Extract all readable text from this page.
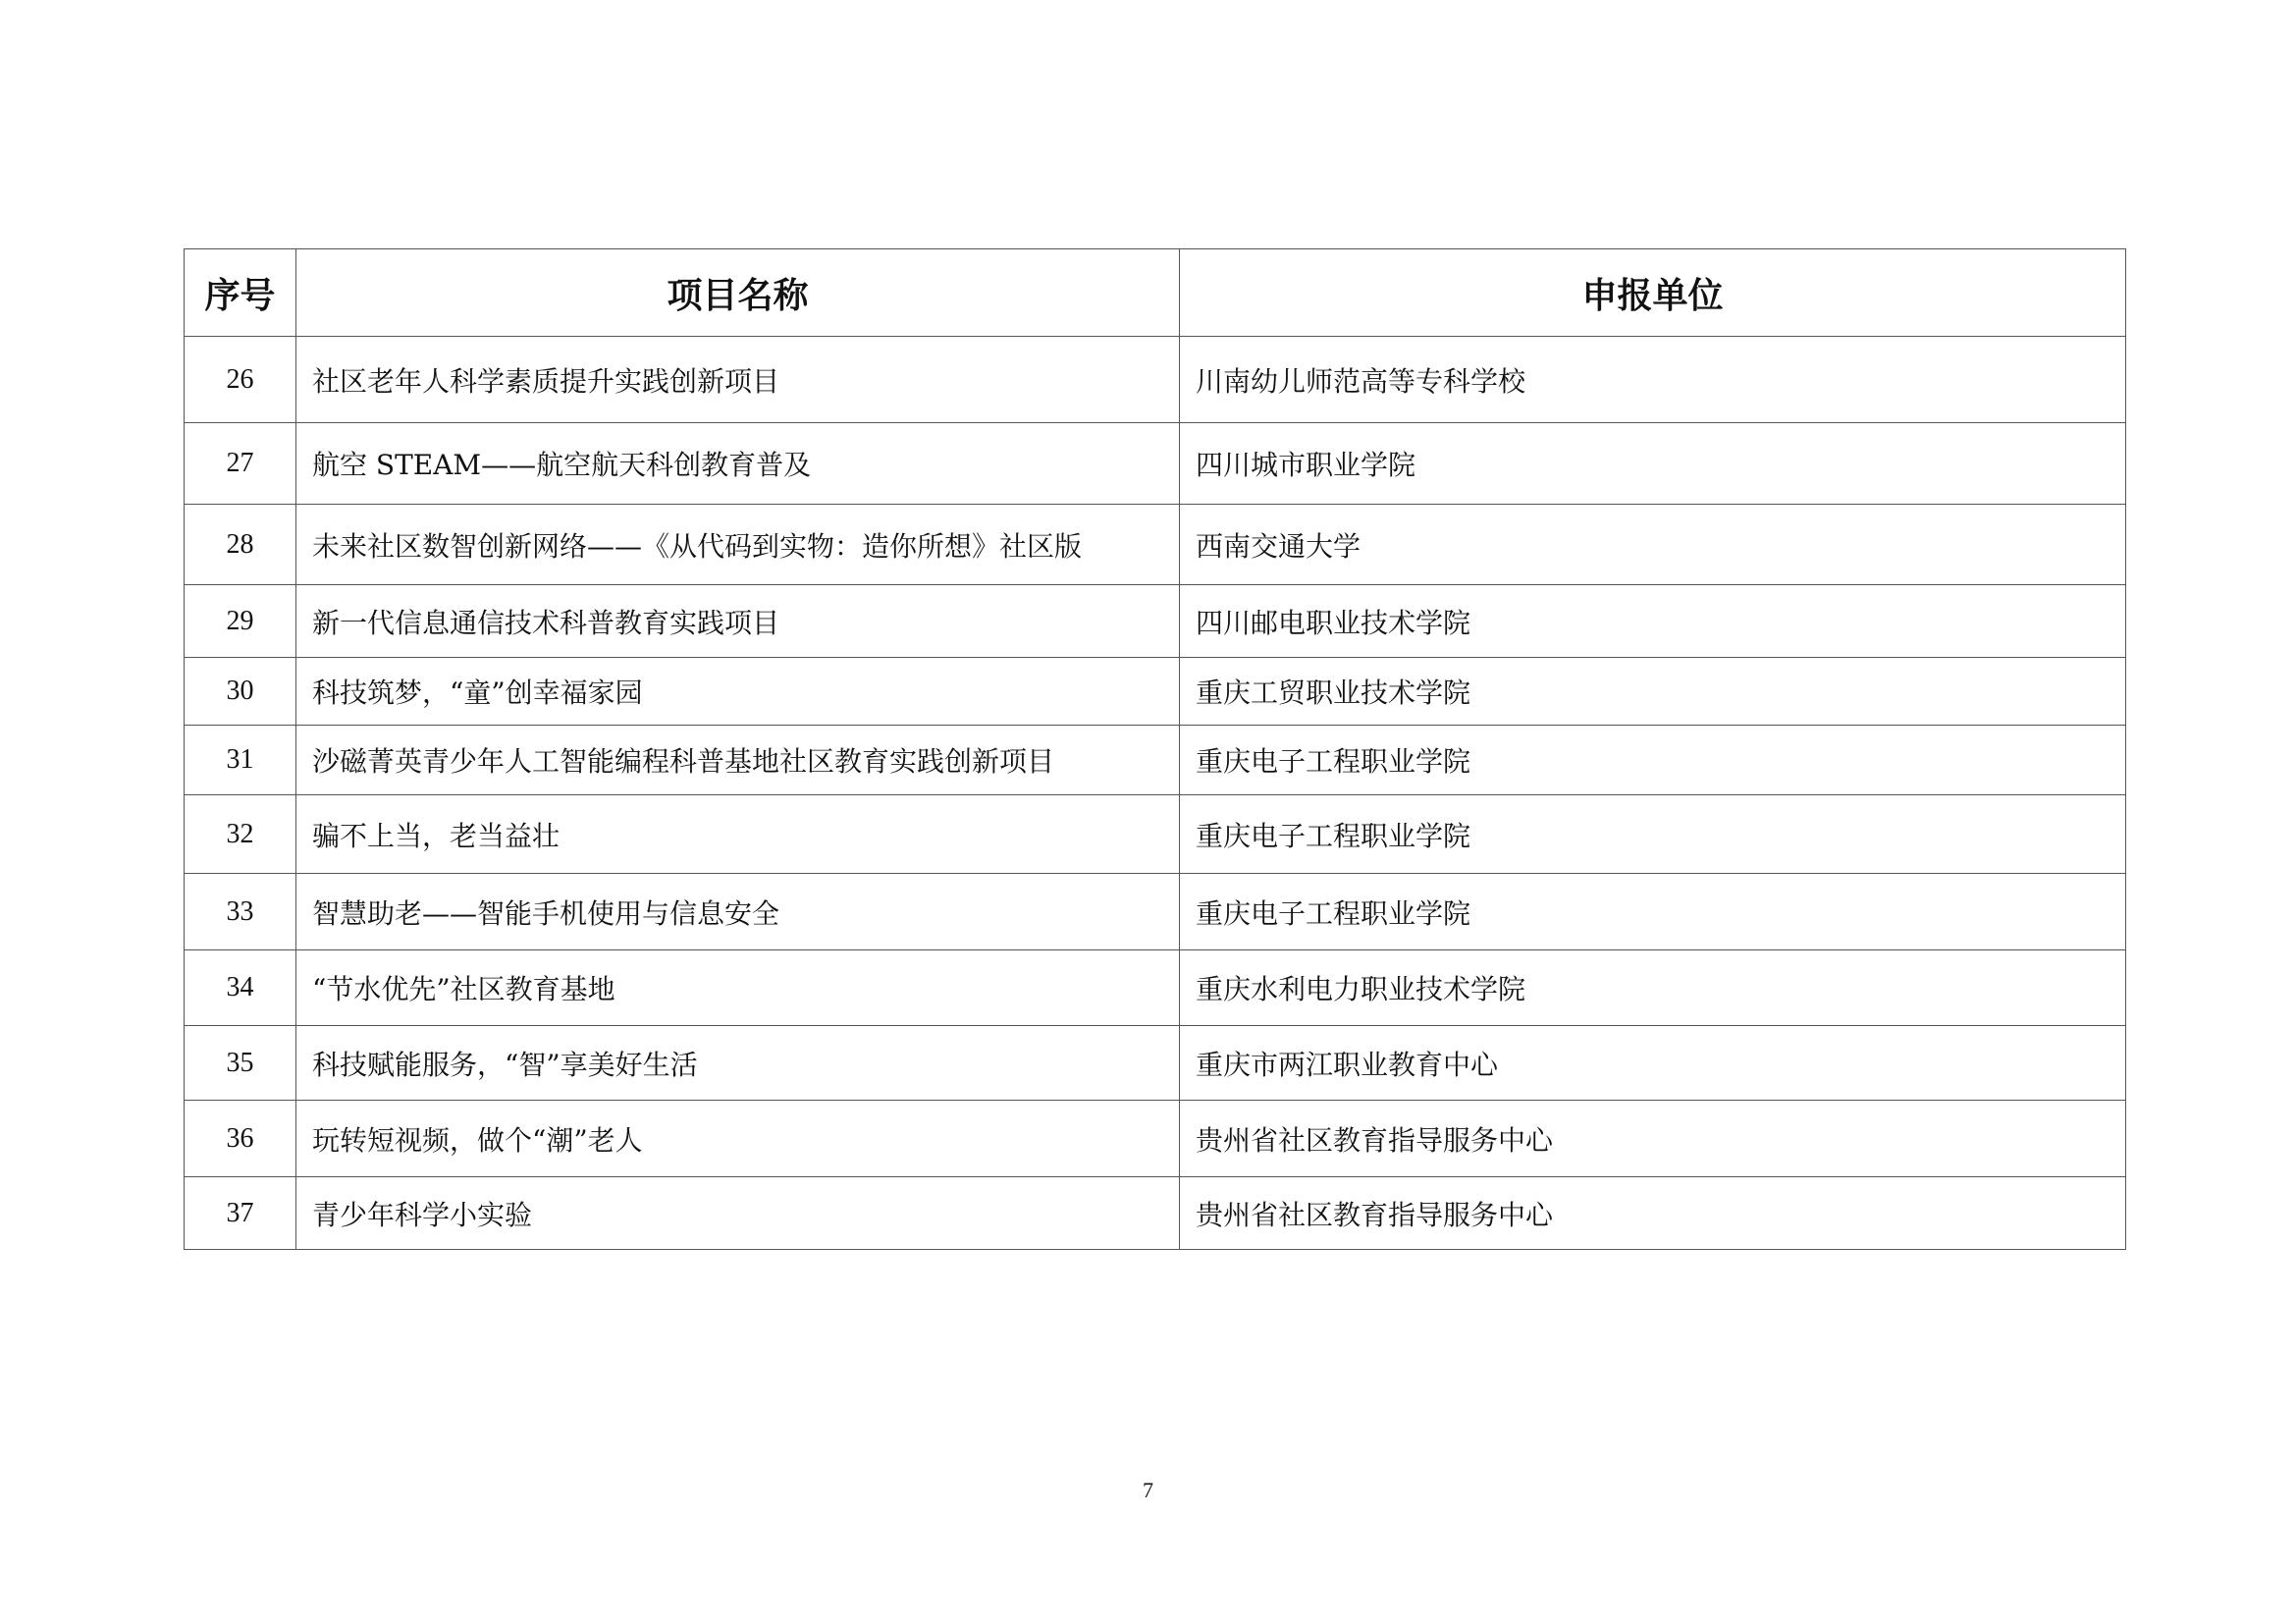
序号	项目名称	申报单位
26	社区老年人科学素质提升实践创新项目	川南幼儿师范高等专科学校
27	航空 STEAM——航空航天科创教育普及	四川城市职业学院
28	未来社区数智创新网络——《从代码到实物：造你所想》社区版	西南交通大学
29	新一代信息通信技术科普教育实践项目	四川邮电职业技术学院
30	科技筑梦，“童”创幸福家园	重庆工贸职业技术学院
31	沙磁菁英青少年人工智能编程科普基地社区教育实践创新项目	重庆电子工程职业学院
32	骗不上当，老当益壮	重庆电子工程职业学院
33	智慧助老——智能手机使用与信息安全	重庆电子工程职业学院
34	“节水优先”社区教育基地	重庆水利电力职业技术学院
35	科技赋能服务，“智”享美好生活	重庆市两江职业教育中心
36	玩转短视频，做个“潮”老人	贵州省社区教育指导服务中心
37	青少年科学小实验	贵州省社区教育指导服务中心
7
